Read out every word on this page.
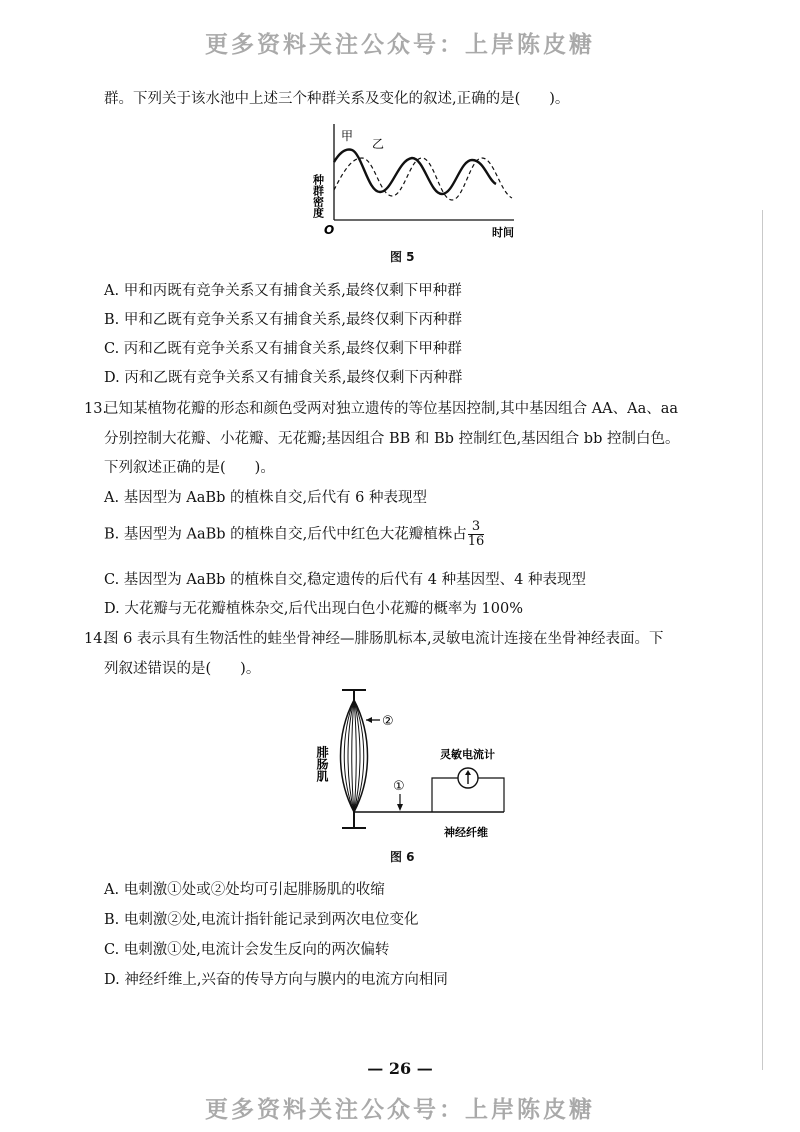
更多资料关注公众号：上岸陈皮糖
群。下列关于该水池中上述三个种群关系及变化的叙述,正确的是(　　)。
种群密度
甲
乙
O	时间
图 5
A. 甲和丙既有竞争关系又有捕食关系,最终仅剩下甲种群
B. 甲和乙既有竞争关系又有捕食关系,最终仅剩下丙种群
C. 丙和乙既有竞争关系又有捕食关系,最终仅剩下甲种群
D. 丙和乙既有竞争关系又有捕食关系,最终仅剩下丙种群
13.
已知某植物花瓣的形态和颜色受两对独立遗传的等位基因控制,其中基因组合 AA、Aa、aa
分别控制大花瓣、小花瓣、无花瓣;基因组合 BB 和 Bb 控制红色,基因组合 bb 控制白色。
下列叙述正确的是(　　)。
A. 基因型为 AaBb 的植株自交,后代有 6 种表现型
B. 基因型为 AaBb 的植株自交,后代中红色大花瓣植株占 $\frac{3}{16}$
C. 基因型为 AaBb 的植株自交,稳定遗传的后代有 4 种基因型、4 种表现型
D. 大花瓣与无花瓣植株杂交,后代出现白色小花瓣的概率为 100%
14.
图 6 表示具有生物活性的蛙坐骨神经—腓肠肌标本,灵敏电流计连接在坐骨神经表面。下
列叙述错误的是(　　)。
②
①
灵敏电流计
神经纤维
腓肠肌
图 6
A. 电刺激①处或②处均可引起腓肠肌的收缩
B. 电刺激②处,电流计指针能记录到两次电位变化
C. 电刺激①处,电流计会发生反向的两次偏转
D. 神经纤维上,兴奋的传导方向与膜内的电流方向相同
— 26 —
更多资料关注公众号：上岸陈皮糖
